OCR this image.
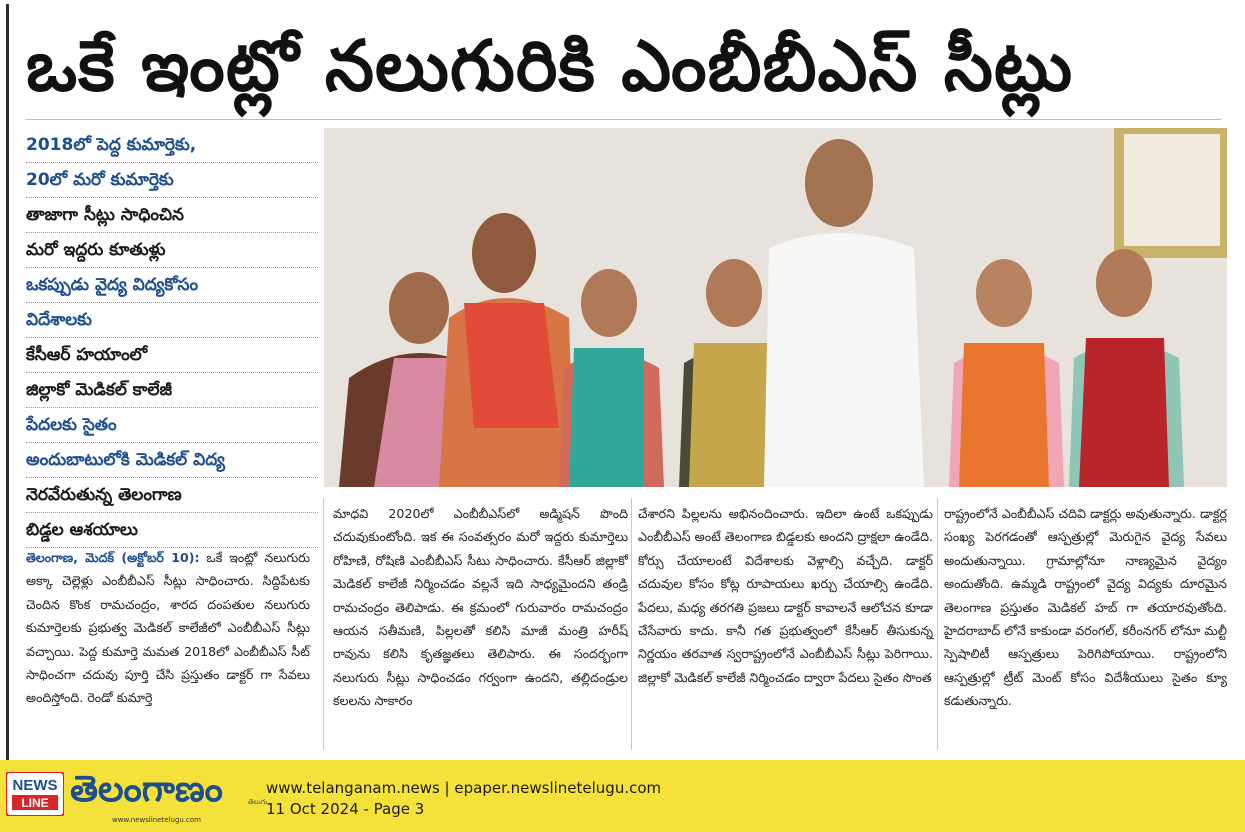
ఒకే ఇంట్లో నలుగురికి ఎంబీబీఎస్ సీట్లు
2018లో పెద్ద కుమార్తెకు,
20లో మరో కుమార్తెకు
తాజాగా సీట్లు సాధించిన
మరో ఇద్దరు కూతుళ్లు
ఒకప్పుడు వైద్య విద్యకోసం
విదేశాలకు
కేసీఆర్ హయాంలో
జిల్లాకో మెడికల్ కాలేజీ
పేదలకు సైతం
అందుబాటులోకి మెడికల్ విద్య
నెరవేరుతున్న తెలంగాణ
బిడ్డల ఆశయాలు

తెలంగాణ, మెదక్ (అక్టోబర్ 10): ఒకే ఇంట్లో నలుగురు అక్కా చెల్లెళ్లు ఎంబీబీఎస్ సీట్లు సాధించారు. సిద్దిపేటకు చెందిన కొంక రామచంద్రం, శారద దంపతుల నలుగురు కుమార్తెలకు ప్రభుత్వ మెడికల్ కాలేజీలో ఎంబీబీఎస్ సీట్లు వచ్చాయి. పెద్ద కుమార్తె మమత 2018లో ఎంబీబీఎస్ సీట్ సాధించగా చదువు పూర్తి చేసి ప్రస్తుతం డాక్టర్ గా సేవలు అందిస్తోంది. రెండో కుమార్తె

మాధవి 2020లో ఎంబీబీఎస్‌లో అడ్మిషన్ పొంది చదువుకుంటోంది. ఇక ఈ సంవత్సరం మరో ఇద్దరు కుమార్తెలు రోహిణి, రోషిణి ఎంబీబీఎస్ సీటు సాధించారు. కేసీఆర్ జిల్లాకో మెడికల్ కాలేజీ నిర్మించడం వల్లనే ఇది సాధ్యమైందని తండ్రి రామచంద్రం తెలిపాడు. ఈ క్రమంలో గురువారం రామచంద్రం ఆయన సతీమణి, పిల్లలతో కలిసి మాజీ మంత్రి హరీష్ రావును కలిసి కృతజ్ఞతలు తెలిపారు. ఈ సందర్భంగా నలుగురు సీట్లు సాధించడం గర్వంగా ఉందని, తల్లిదండ్రుల కలలను సాకారం

చేశారని పిల్లలను అభినందించారు. ఇదిలా ఉంటే ఒకప్పుడు ఎంబీబీఎస్ అంటే తెలంగాణ బిడ్డలకు అందని ద్రాక్షలా ఉండేది. కోర్సు చేయాలంటే విదేశాలకు వెళ్లాల్సి వచ్చేది. డాక్టర్ చదువుల కోసం కోట్ల రూపాయలు ఖర్చు చేయాల్సి ఉండేది. పేదలు, మధ్య తరగతి ప్రజలు డాక్టర్ కావాలనే ఆలోచన కూడా చేసేవారు కాదు. కానీ గత ప్రభుత్వంలో కేసీఆర్ తీసుకున్న నిర్ణయం తరవాత స్వరాష్ట్రంలోనే ఎంబీబీఎస్ సీట్లు పెరిగాయి. జిల్లాకో మెడికల్ కాలేజీ నిర్మించడం ద్వారా పేదలు సైతం సొంత

రాష్ట్రంలోనే ఎంబీబీఎస్ చదివి డాక్టర్లు అవుతున్నారు. డాక్టర్ల సంఖ్య పెరగడంతో ఆస్పత్రుల్లో మెరుగైన వైద్య సేవలు అందుతున్నాయి. గ్రామాల్లోనూ నాణ్యమైన వైద్యం అందుతోంది. ఉమ్మడి రాష్ట్రంలో వైద్య విద్యకు దూరమైన తెలంగాణ ప్రస్తుతం మెడికల్ హబ్ గా తయారవుతోంది. హైదరాబాద్ లోనే కాకుండా వరంగల్, కరీంనగర్ లోనూ మల్టీ స్పెషాలిటీ ఆస్పత్రులు పెరిగిపోయాయి. రాష్ట్రంలోని ఆస్పత్రుల్లో ట్రీట్ మెంట్ కోసం విదేశీయులు సైతం క్యూ కడుతున్నారు.

NEWS
LINE తెలంగాణం	తెలుగు
www.newslinetelugu.com
www.telanganam.news | epaper.newslinetelugu.com
11 Oct 2024 - Page 3
